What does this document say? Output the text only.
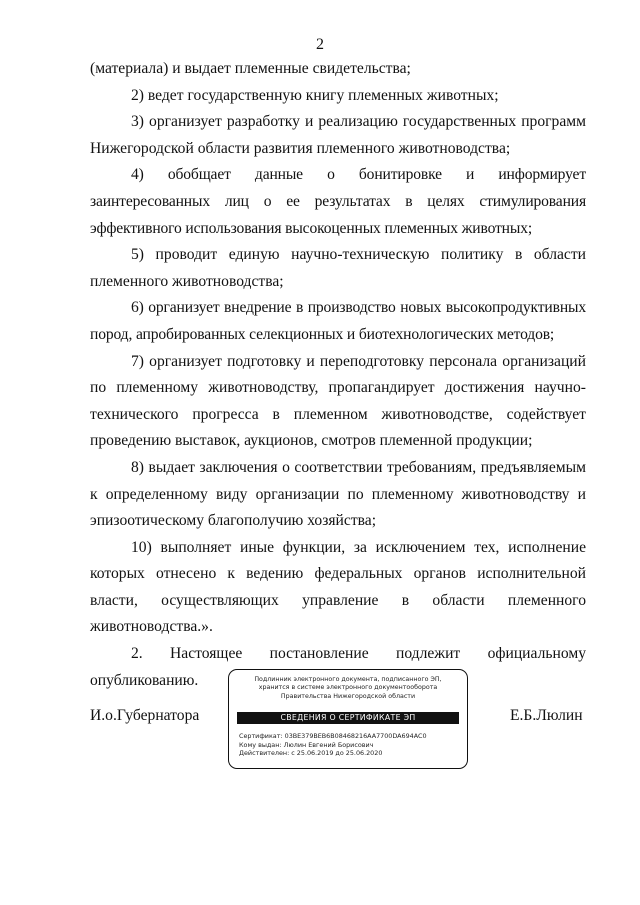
2

(материала) и выдает племенные свидетельства;

2) ведет государственную книгу племенных животных;

3) организует разработку и реализацию государственных программ Нижегородской области развития племенного животноводства;

4) обобщает данные о бонитировке и информирует заинтересованных лиц о ее результатах в целях стимулирования эффективного использования высокоценных племенных животных;

5) проводит единую научно-техническую политику в области племенного животноводства;

6) организует внедрение в производство новых высокопродуктивных пород, апробированных селекционных и биотехнологических методов;

7) организует подготовку и переподготовку персонала организаций по племенному животноводству, пропагандирует достижения научно-технического прогресса в племенном животноводстве, содействует проведению выставок, аукционов, смотров племенной продукции;

8) выдает заключения о соответствии требованиям, предъявляемым к определенному виду организации по племенному животноводству и эпизоотическому благополучию хозяйства;

10) выполняет иные функции, за исключением тех, исполнение которых отнесено к ведению федеральных органов исполнительной власти, осуществляющих управление в области племенного животноводства.».

2. Настоящее постановление подлежит официальному опубликованию.

И.о.Губернатора
Подлинник электронного документа, подписанного ЭП,
хранится в системе электронного документооборота
Правительства Нижегородской области
СВЕДЕНИЯ О СЕРТИФИКАТЕ ЭП
Сертификат: 03BE379BEB6B08468216AA7700DA694AC0
Кому выдан: Люлин Евгений Борисович
Действителен: с 25.06.2019 до 25.06.2020
Е.Б.Люлин
